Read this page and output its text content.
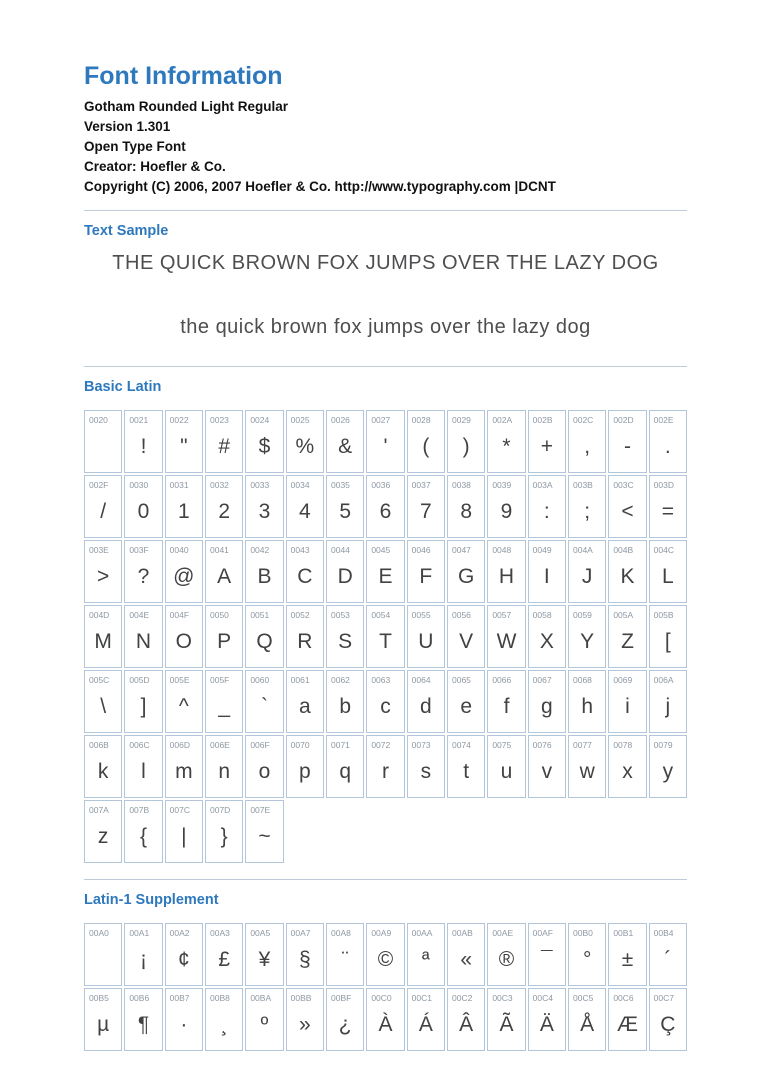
Font Information
Gotham Rounded Light Regular
Version 1.301
Open Type Font
Creator: Hoefler & Co.
Copyright (C) 2006, 2007 Hoefler & Co. http://www.typography.com |DCNT
Text Sample
THE QUICK BROWN FOX JUMPS OVER THE LAZY DOG
the quick brown fox jumps over the lazy dog
Basic Latin
0020	0021
!
0022
"
0023
#
0024
$
0025
%
0026
&
0027
'
0028
(
0029
)
002A
*
002B
+
002C
,
002D
-
002E
.
002F
/
0030
0
0031
1
0032
2
0033
3
0034
4
0035
5
0036
6
0037
7
0038
8
0039
9
003A
:
003B
;
003C
<
003D
=
003E
>
003F
?
0040
@
0041
A
0042
B
0043
C
0044
D
0045
E
0046
F
0047
G
0048
H
0049
I
004A
J
004B
K
004C
L
004D
M
004E
N
004F
O
0050
P
0051
Q
0052
R
0053
S
0054
T
0055
U
0056
V
0057
W
0058
X
0059
Y
005A
Z
005B
[
005C
\
005D
]
005E
^
005F
_
0060
`
0061
a
0062
b
0063
c
0064
d
0065
e
0066
f
0067
g
0068
h
0069
i
006A
j
006B
k
006C
l
006D
m
006E
n
006F
o
0070
p
0071
q
0072
r
0073
s
0074
t
0075
u
0076
v
0077
w
0078
x
0079
y
007A
z
007B
{
007C
|
007D
}
007E
~
Latin-1 Supplement
00A0	00A1
¡
00A2
¢
00A3
£
00A5
¥
00A7
§
00A8
¨
00A9
©
00AA
ª
00AB
«
00AE
®
00AF
¯
00B0
°
00B1
±
00B4
´
00B5
µ
00B6
¶
00B7
·
00B8
¸
00BA
º
00BB
»
00BF
¿
00C0
À
00C1
Á
00C2
Â
00C3
Ã
00C4
Ä
00C5
Å
00C6
Æ
00C7
Ç
